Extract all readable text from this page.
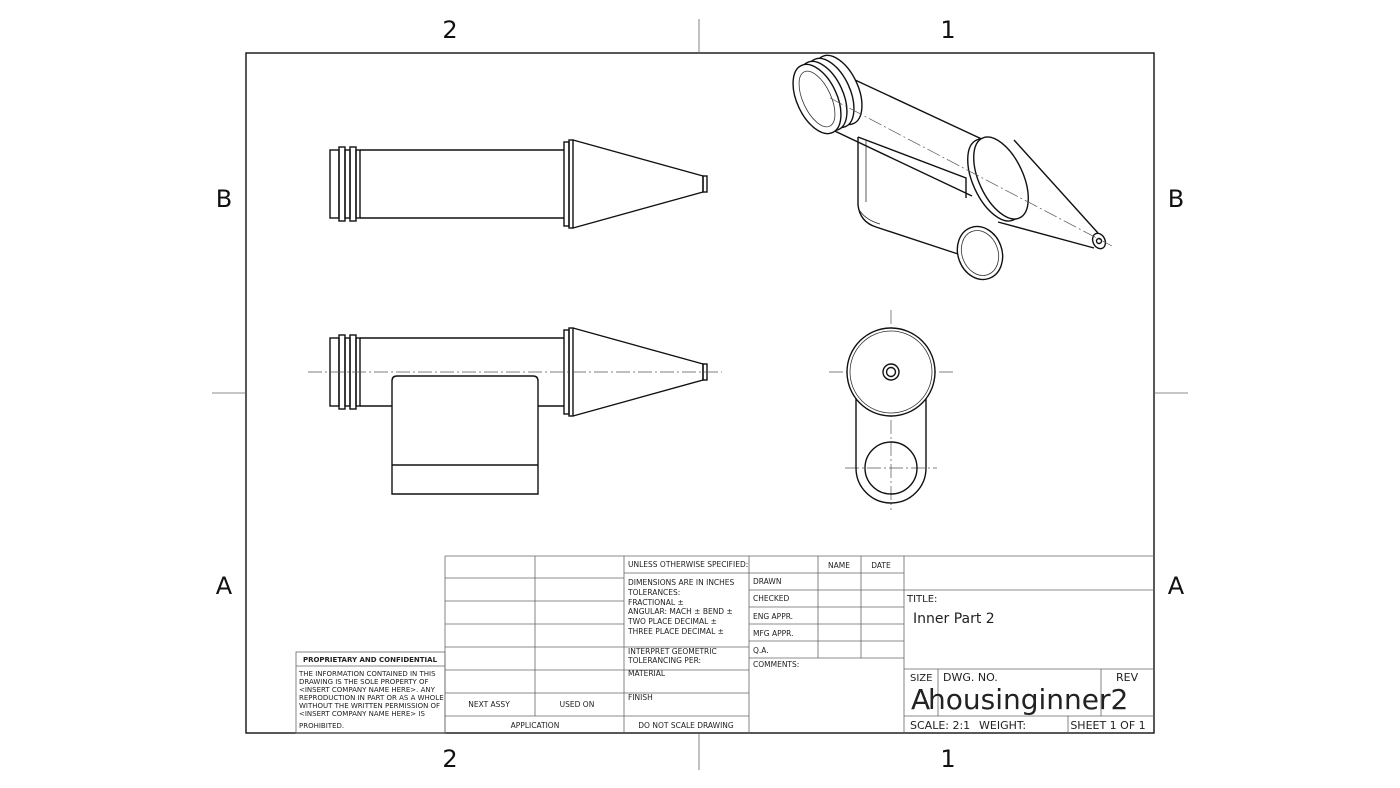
2	1
2	1
B
A
B
A
UNLESS OTHERWISE SPECIFIED:
DIMENSIONS ARE IN INCHES
TOLERANCES:
FRACTIONAL ±
ANGULAR: MACH ± BEND ±
TWO PLACE DECIMAL ±
THREE PLACE DECIMAL ±
INTERPRET GEOMETRIC
TOLERANCING PER:
MATERIAL
FINISH
DO NOT SCALE DRAWING
NEXT ASSY	USED ON
APPLICATION
NAME	DATE
DRAWN
CHECKED
ENG APPR.
MFG APPR.
Q.A.
COMMENTS:
TITLE:
Inner Part 2
SIZE
A
DWG. NO.
housinginner2
REV
SCALE: 2:1 WEIGHT:	SHEET 1 OF 1
PROPRIETARY AND CONFIDENTIAL
THE INFORMATION CONTAINED IN THIS
DRAWING IS THE SOLE PROPERTY OF
<INSERT COMPANY NAME HERE>. ANY
REPRODUCTION IN PART OR AS A WHOLE
WITHOUT THE WRITTEN PERMISSION OF
<INSERT COMPANY NAME HERE> IS
PROHIBITED.
